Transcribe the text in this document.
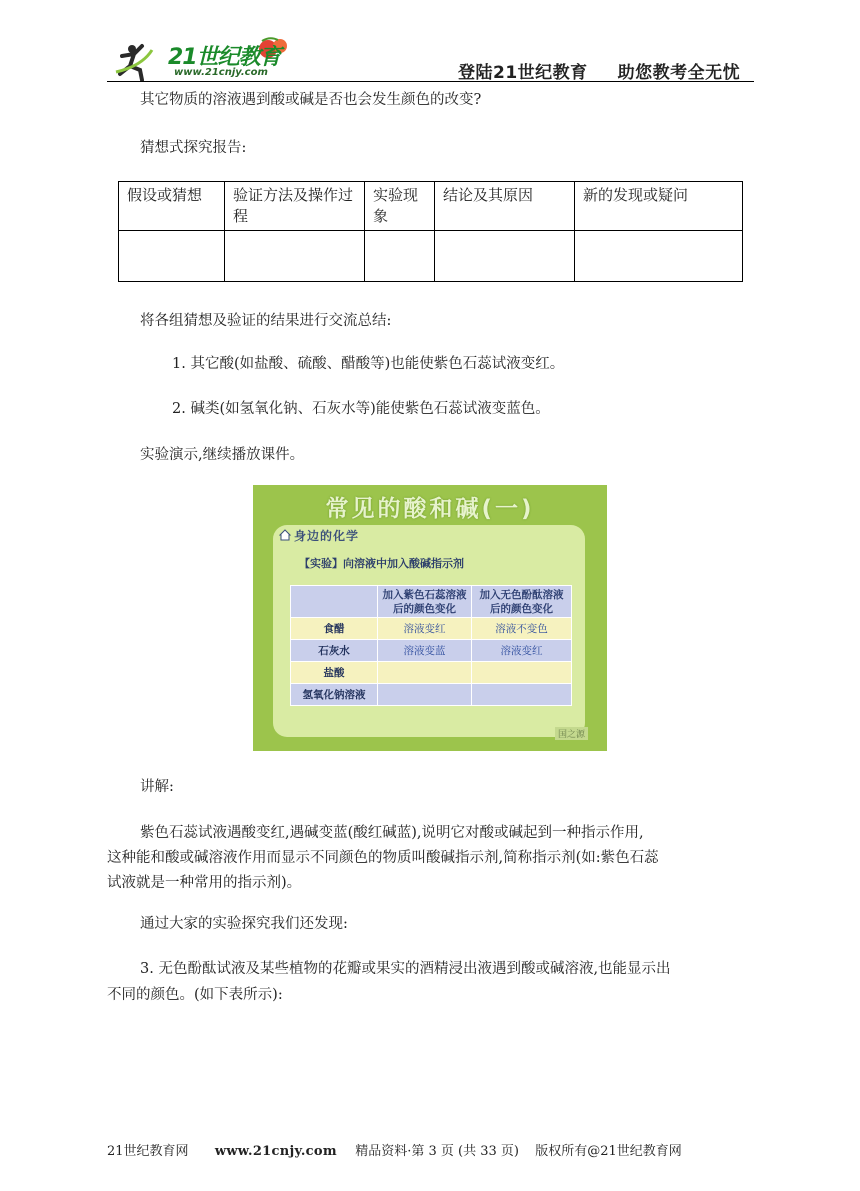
21世纪教育
www.21cnjy.com	登陆21世纪教育 助您教考全无忧
其它物质的溶液遇到酸或碱是否也会发生颜色的改变?
猜想式探究报告:
假设或猜想	验证方法及操作过程	实验现象	结论及其原因	新的发现或疑问

将各组猜想及验证的结果进行交流总结:
1. 其它酸(如盐酸、硫酸、醋酸等)也能使紫色石蕊试液变红。
2. 碱类(如氢氧化钠、石灰水等)能使紫色石蕊试液变蓝色。
实验演示,继续播放课件。
常见的酸和碱(一)
身边的化学
【实验】向溶液中加入酸碱指示剂
	加入紫色石蕊溶液后的颜色变化	加入无色酚酞溶液后的颜色变化
食醋	溶液变红	溶液不变色
石灰水	溶液变蓝	溶液变红
盐酸		
氢氧化钠溶液		
国之源
讲解:
紫色石蕊试液遇酸变红,遇碱变蓝(酸红碱蓝),说明它对酸或碱起到一种指示作用,
这种能和酸或碱溶液作用而显示不同颜色的物质叫酸碱指示剂,简称指示剂(如:紫色石蕊
试液就是一种常用的指示剂)。
通过大家的实验探究我们还发现:
3. 无色酚酞试液及某些植物的花瓣或果实的酒精浸出液遇到酸或碱溶液,也能显示出
不同的颜色。(如下表所示):
21世纪教育网 www.21cnjy.com 精品资料·第 3 页 (共 33 页) 版权所有@21世纪教育网
